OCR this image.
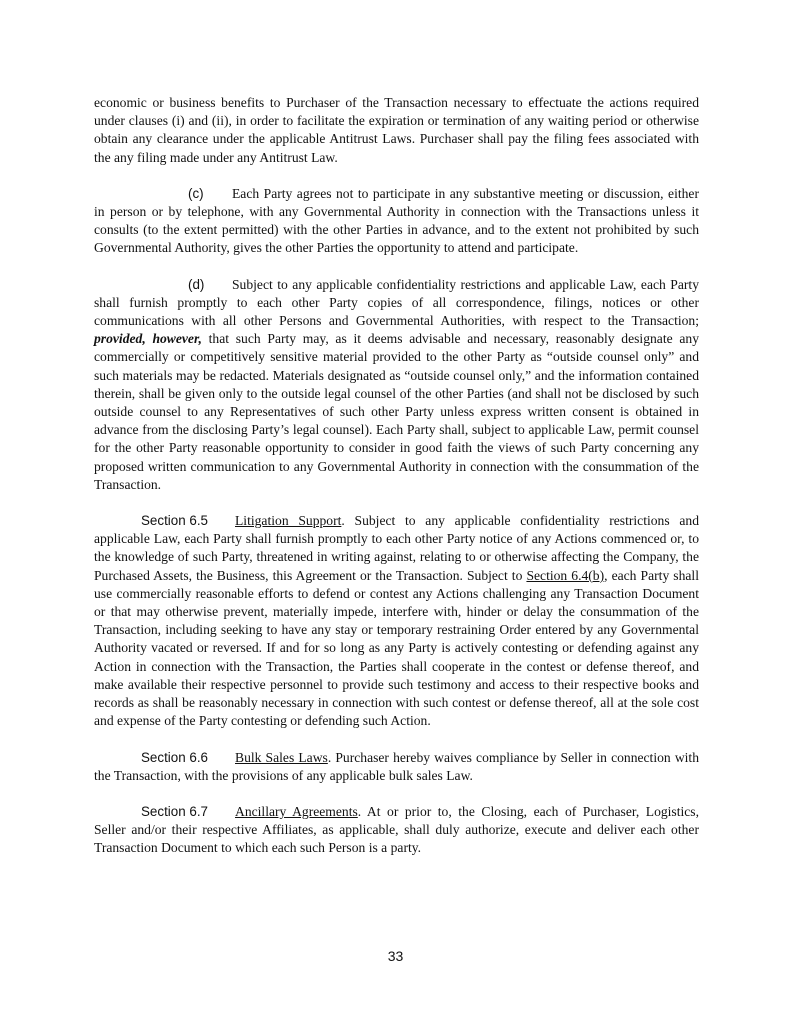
economic or business benefits to Purchaser of the Transaction necessary to effectuate the actions required under clauses (i) and (ii), in order to facilitate the expiration or termination of any waiting period or otherwise obtain any clearance under the applicable Antitrust Laws. Purchaser shall pay the filing fees associated with the any filing made under any Antitrust Law.

(c) Each Party agrees not to participate in any substantive meeting or discussion, either in person or by telephone, with any Governmental Authority in connection with the Transactions unless it consults (to the extent permitted) with the other Parties in advance, and to the extent not prohibited by such Governmental Authority, gives the other Parties the opportunity to attend and participate.

(d) Subject to any applicable confidentiality restrictions and applicable Law, each Party shall furnish promptly to each other Party copies of all correspondence, filings, notices or other communications with all other Persons and Governmental Authorities, with respect to the Transaction; provided, however, that such Party may, as it deems advisable and necessary, reasonably designate any commercially or competitively sensitive material provided to the other Party as “outside counsel only” and such materials may be redacted. Materials designated as “outside counsel only,” and the information contained therein, shall be given only to the outside legal counsel of the other Parties (and shall not be disclosed by such outside counsel to any Representatives of such other Party unless express written consent is obtained in advance from the disclosing Party’s legal counsel). Each Party shall, subject to applicable Law, permit counsel for the other Party reasonable opportunity to consider in good faith the views of such Party concerning any proposed written communication to any Governmental Authority in connection with the consummation of the Transaction.

Section 6.5 Litigation Support. Subject to any applicable confidentiality restrictions and applicable Law, each Party shall furnish promptly to each other Party notice of any Actions commenced or, to the knowledge of such Party, threatened in writing against, relating to or otherwise affecting the Company, the Purchased Assets, the Business, this Agreement or the Transaction. Subject to Section 6.4(b), each Party shall use commercially reasonable efforts to defend or contest any Actions challenging any Transaction Document or that may otherwise prevent, materially impede, interfere with, hinder or delay the consummation of the Transaction, including seeking to have any stay or temporary restraining Order entered by any Governmental Authority vacated or reversed. If and for so long as any Party is actively contesting or defending against any Action in connection with the Transaction, the Parties shall cooperate in the contest or defense thereof, and make available their respective personnel to provide such testimony and access to their respective books and records as shall be reasonably necessary in connection with such contest or defense thereof, all at the sole cost and expense of the Party contesting or defending such Action.

Section 6.6 Bulk Sales Laws. Purchaser hereby waives compliance by Seller in connection with the Transaction, with the provisions of any applicable bulk sales Law.

Section 6.7 Ancillary Agreements. At or prior to, the Closing, each of Purchaser, Logistics, Seller and/or their respective Affiliates, as applicable, shall duly authorize, execute and deliver each other Transaction Document to which each such Person is a party.

33
